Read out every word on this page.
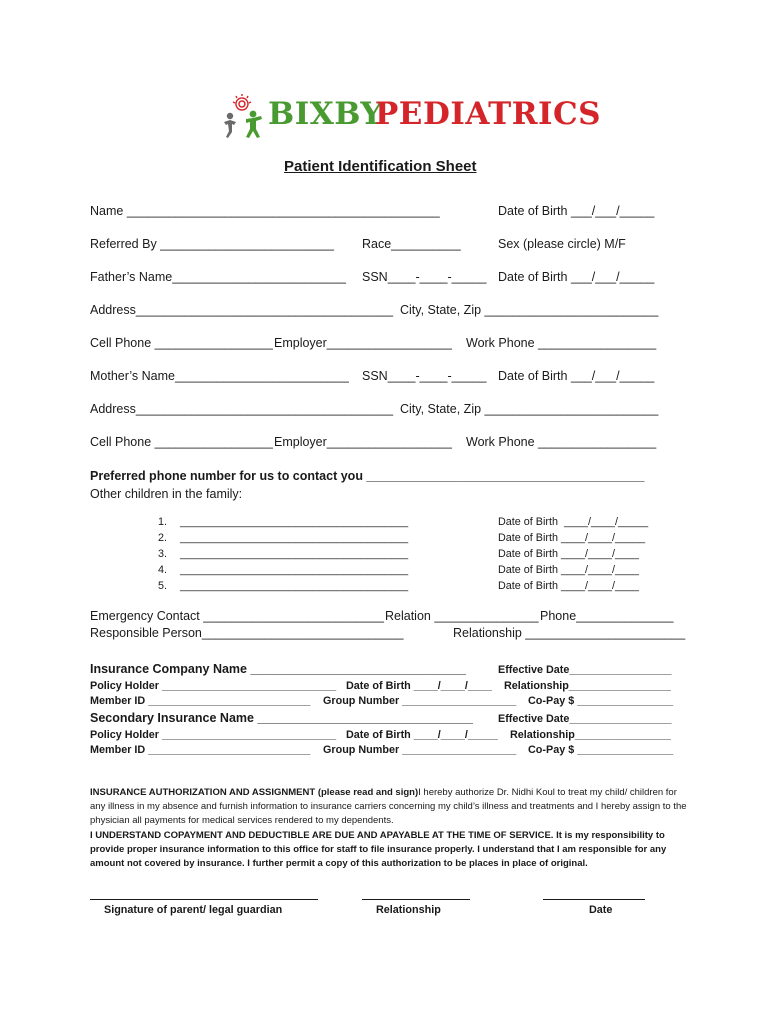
BIXBY

PEDIATRICS

Patient Identification Sheet
Name _____________________________________________	Date of Birth ___/___/_____
Referred By _________________________ Race__________	Sex (please circle) M/F
Father’s Name_________________________ SSN____-____-_____ Date of Birth ___/___/_____
Address_____________________________________ City, State, Zip _________________________
Cell Phone _________________ Employer__________________ Work Phone _________________
Mother’s Name_________________________ SSN____-____-_____ Date of Birth ___/___/_____
Address_____________________________________ City, State, Zip _________________________
Cell Phone _________________ Employer__________________ Work Phone _________________
Preferred phone number for us to contact you ________________________________________
Other children in the family:
1. ______________________________________	Date of Birth  ____/____/_____
2. ______________________________________	Date of Birth ____/____/_____
3. ______________________________________	Date of Birth ____/____/____
4. ______________________________________	Date of Birth ____/____/____
5. ______________________________________	Date of Birth ____/____/____
Emergency Contact __________________________ Relation _______________ Phone______________
Responsible Person_____________________________	Relationship _______________________
Insurance Company Name _______________________________	Effective Date_________________
Policy Holder _____________________________ Date of Birth ____/____/____ Relationship_________________
Member ID ___________________________ Group Number ___________________ Co-Pay $ ________________
Secondary Insurance Name _______________________________ Effective Date_________________
Policy Holder _____________________________ Date of Birth ____/____/_____ Relationship________________
Member ID ___________________________ Group Number ___________________ Co-Pay $ ________________
INSURANCE AUTHORIZATION AND ASSIGNMENT (please read and sign)I hereby authorize Dr. Nidhi Koul to treat my child/ children for any illness in my absence and furnish information to insurance carriers concerning my child’s illness and treatments and I hereby assign to the physician all payments for medical services rendered to my dependents.
I UNDERSTAND COPAYMENT AND DEDUCTIBLE ARE DUE AND APAYABLE AT THE TIME OF SERVICE. It is my responsibility to provide proper insurance information to this office for staff to file insurance properly. I understand that I am responsible for any amount not covered by insurance. I further permit a copy of this authorization to be places in place of original.
Signature of parent/ legal guardian	Relationship	Date
